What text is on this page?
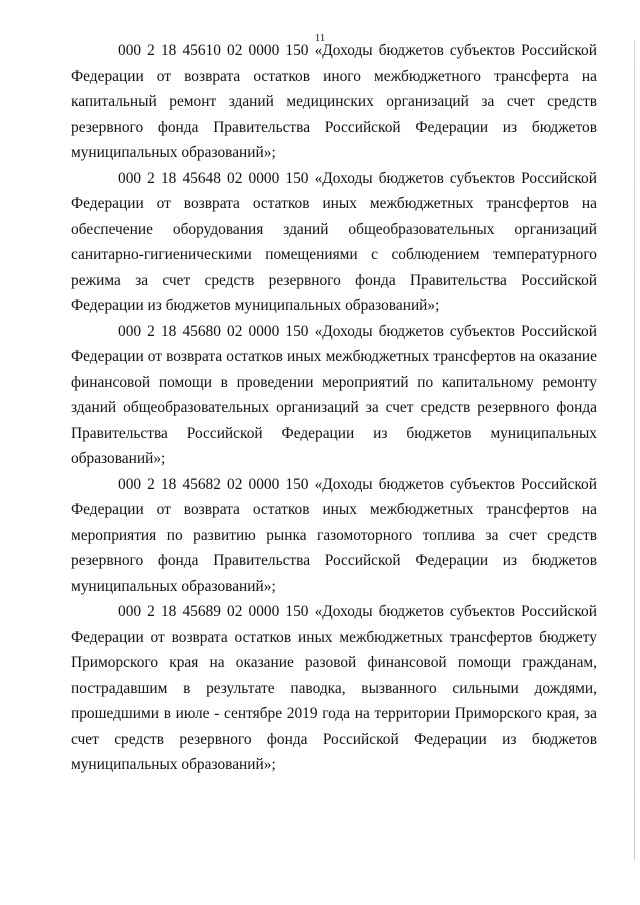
11

000 2 18 45610 02 0000 150 «Доходы бюджетов субъектов Российской Федерации от возврата остатков иного межбюджетного трансферта на капитальный ремонт зданий медицинских организаций за счет средств резервного фонда Правительства Российской Федерации из бюджетов муниципальных образований»;

000 2 18 45648 02 0000 150 «Доходы бюджетов субъектов Российской Федерации от возврата остатков иных межбюджетных трансфертов на обеспечение оборудования зданий общеобразовательных организаций санитарно-гигиеническими помещениями с соблюдением температурного режима за счет средств резервного фонда Правительства Российской Федерации из бюджетов муниципальных образований»;

000 2 18 45680 02 0000 150 «Доходы бюджетов субъектов Российской Федерации от возврата остатков иных межбюджетных трансфертов на оказание финансовой помощи в проведении мероприятий по капитальному ремонту зданий общеобразовательных организаций за счет средств резервного фонда Правительства Российской Федерации из бюджетов муниципальных образований»;

000 2 18 45682 02 0000 150 «Доходы бюджетов субъектов Российской Федерации от возврата остатков иных межбюджетных трансфертов на мероприятия по развитию рынка газомоторного топлива за счет средств резервного фонда Правительства Российской Федерации из бюджетов муниципальных образований»;

000 2 18 45689 02 0000 150 «Доходы бюджетов субъектов Российской Федерации от возврата остатков иных межбюджетных трансфертов бюджету Приморского края на оказание разовой финансовой помощи гражданам, пострадавшим в результате паводка, вызванного сильными дождями, прошедшими в июле - сентябре 2019 года на территории Приморского края, за счет средств резервного фонда Российской Федерации из бюджетов муниципальных образований»;
